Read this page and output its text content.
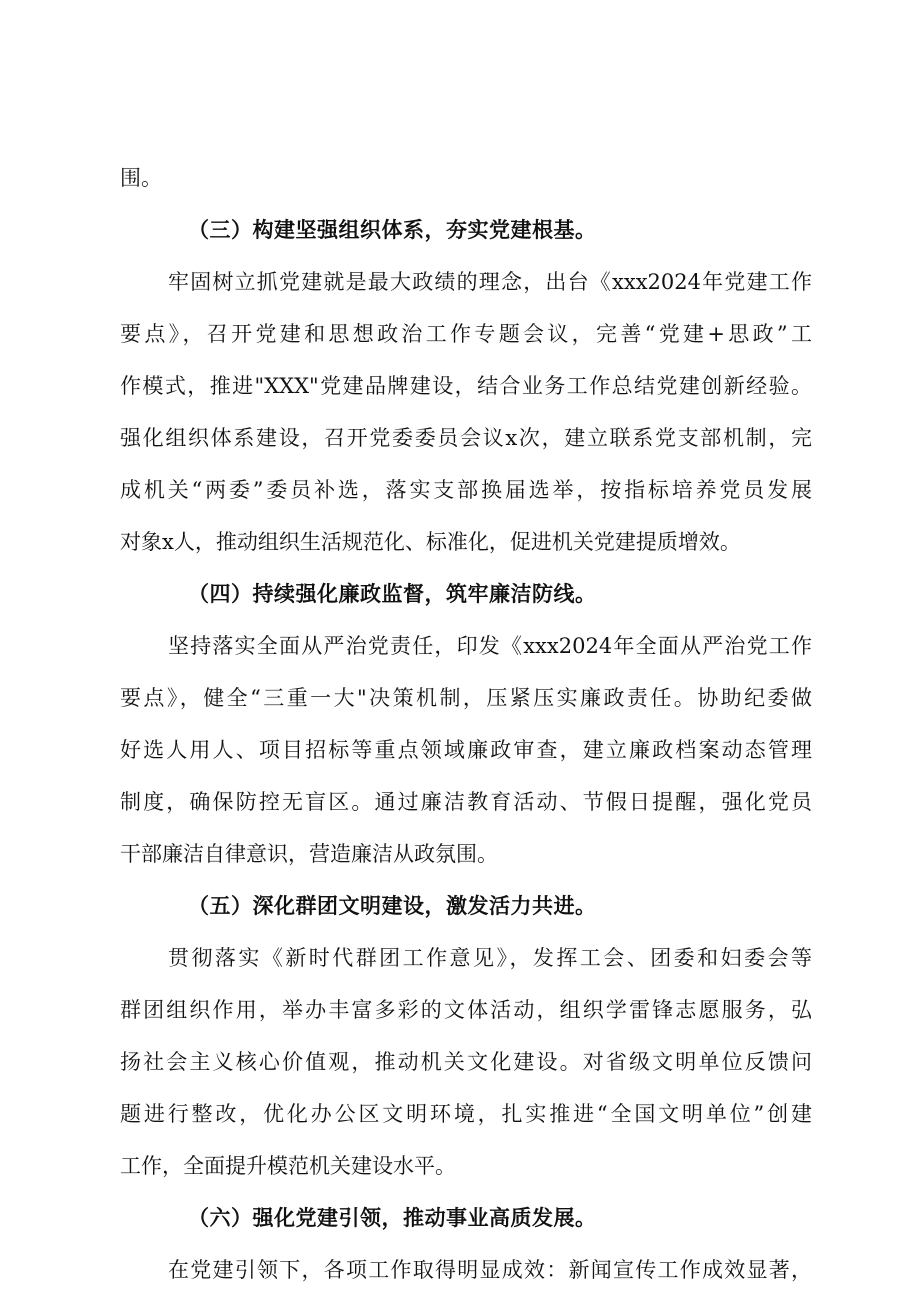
围。
（三）构建坚强组织体系，夯实党建根基。
牢固树立抓党建就是最大政绩的理念，出台《xxx2024年党建工作
要点》，召开党建和思想政治工作专题会议，完善“党建+思政”工
作模式，推进"XXX"党建品牌建设，结合业务工作总结党建创新经验。
强化组织体系建设，召开党委委员会议x次，建立联系党支部机制，完
成机关“两委”委员补选，落实支部换届选举，按指标培养党员发展
对象x人，推动组织生活规范化、标准化，促进机关党建提质增效。
（四）持续强化廉政监督，筑牢廉洁防线。
坚持落实全面从严治党责任，印发《xxx2024年全面从严治党工作
要点》，健全“三重一大"决策机制，压紧压实廉政责任。协助纪委做
好选人用人、项目招标等重点领域廉政审查，建立廉政档案动态管理
制度，确保防控无盲区。通过廉洁教育活动、节假日提醒，强化党员
干部廉洁自律意识，营造廉洁从政氛围。
（五）深化群团文明建设，激发活力共进。
贯彻落实《新时代群团工作意见》，发挥工会、团委和妇委会等
群团组织作用，举办丰富多彩的文体活动，组织学雷锋志愿服务，弘
扬社会主义核心价值观，推动机关文化建设。对省级文明单位反馈问
题进行整改，优化办公区文明环境，扎实推进“全国文明单位”创建
工作，全面提升模范机关建设水平。
（六）强化党建引领，推动事业高质发展。
在党建引领下，各项工作取得明显成效：新闻宣传工作成效显著，
